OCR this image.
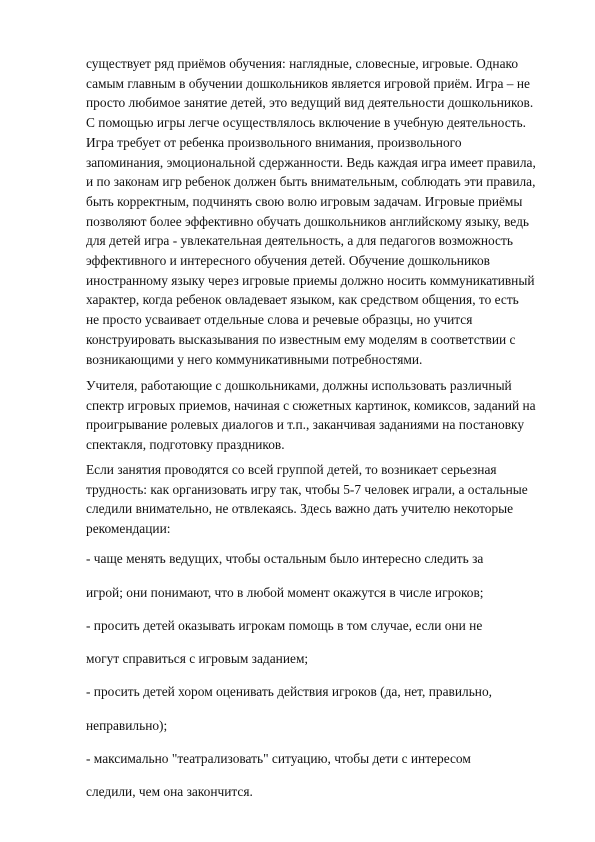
существует ряд приёмов обучения: наглядные, словесные, игровые. Однако
самым главным в обучении дошкольников является игровой приём. Игра – не
просто любимое занятие детей, это ведущий вид деятельности дошкольников.
С помощью игры легче осуществлялось включение в учебную деятельность.
Игра требует от ребенка произвольного внимания, произвольного
запоминания, эмоциональной сдержанности. Ведь каждая игра имеет правила,
и по законам игр ребенок должен быть внимательным, соблюдать эти правила,
быть корректным, подчинять свою волю игровым задачам. Игровые приёмы
позволяют более эффективно обучать дошкольников английскому языку, ведь
для детей игра - увлекательная деятельность, а для педагогов возможность
эффективного и интересного обучения детей. Обучение дошкольников
иностранному языку через игровые приемы должно носить коммуникативный
характер, когда ребенок овладевает языком, как средством общения, то есть
не просто усваивает отдельные слова и речевые образцы, но учится
конструировать высказывания по известным ему моделям в соответствии с
возникающими у него коммуникативными потребностями.
Учителя, работающие с дошкольниками, должны использовать различный
спектр игровых приемов, начиная с сюжетных картинок, комиксов, заданий на
проигрывание ролевых диалогов и т.п., заканчивая заданиями на постановку
спектакля, подготовку праздников.
Если занятия проводятся со всей группой детей, то возникает серьезная
трудность: как организовать игру так, чтобы 5-7 человек играли, а остальные
следили внимательно, не отвлекаясь. Здесь важно дать учителю некоторые
рекомендации:
- чаще менять ведущих, чтобы остальным было интересно следить за
игрой; они понимают, что в любой момент окажутся в числе игроков;
- просить детей оказывать игрокам помощь в том случае, если они не
могут справиться с игровым заданием;
- просить детей хором оценивать действия игроков (да, нет, правильно,
неправильно);
- максимально "театрализовать" ситуацию, чтобы дети с интересом
следили, чем она закончится.
